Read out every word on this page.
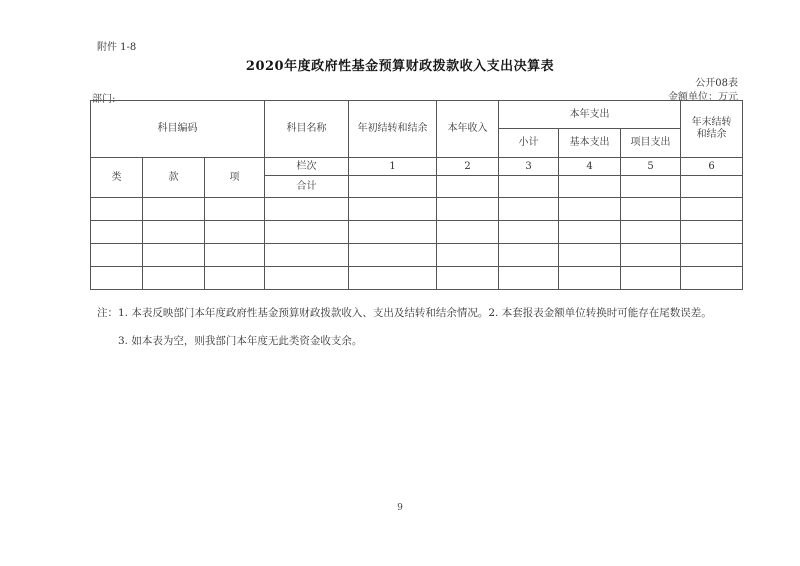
附件 1-8
2020年度政府性基金预算财政拨款收入支出决算表
公开08表
部门:	金额单位：万元
科目编码			科目名称	年初结转和结余	本年收入	本年支出			年末结转和结余
						小计	基本支出	项目支出	
类	款	项	栏次	1	2	3	4	5	6
			合计						

注：1. 本表反映部门本年度政府性基金预算财政拨款收入、支出及结转和结余情况。2. 本套报表金额单位转换时可能存在尾数误差。
3. 如本表为空，则我部门本年度无此类资金收支余。
9
